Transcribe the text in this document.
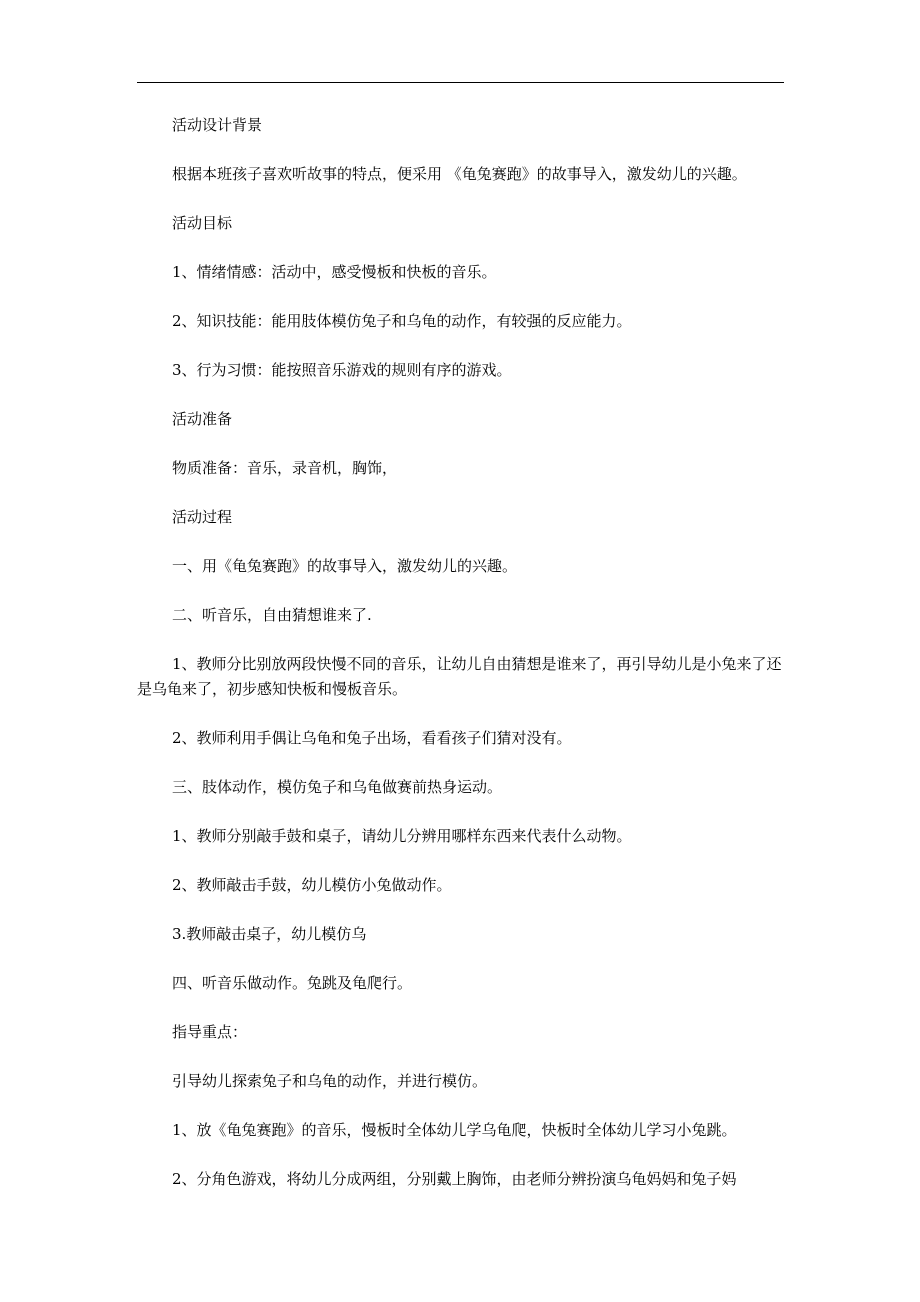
活动设计背景

根据本班孩子喜欢听故事的特点，便采用 《龟兔赛跑》的故事导入，激发幼儿的兴趣。

活动目标

1、情绪情感：活动中，感受慢板和快板的音乐。

2、知识技能：能用肢体模仿兔子和乌龟的动作，有较强的反应能力。

3、行为习惯：能按照音乐游戏的规则有序的游戏。

活动准备

物质准备：音乐，录音机，胸饰，

活动过程

一、用《龟兔赛跑》的故事导入，激发幼儿的兴趣。

二、听音乐，自由猜想谁来了.

1、教师分比别放两段快慢不同的音乐，让幼儿自由猜想是谁来了，再引导幼儿是小兔来了还是乌龟来了，初步感知快板和慢板音乐。

2、教师利用手偶让乌龟和兔子出场，看看孩子们猜对没有。

三、肢体动作，模仿兔子和乌龟做赛前热身运动。

1、教师分别敲手鼓和桌子，请幼儿分辨用哪样东西来代表什么动物。

2、教师敲击手鼓，幼儿模仿小兔做动作。

3.教师敲击桌子，幼儿模仿乌

四、听音乐做动作。兔跳及龟爬行。

指导重点：

引导幼儿探索兔子和乌龟的动作，并进行模仿。

1、放《龟兔赛跑》的音乐，慢板时全体幼儿学乌龟爬，快板时全体幼儿学习小兔跳。

2、分角色游戏，将幼儿分成两组，分别戴上胸饰，由老师分辨扮演乌龟妈妈和兔子妈
